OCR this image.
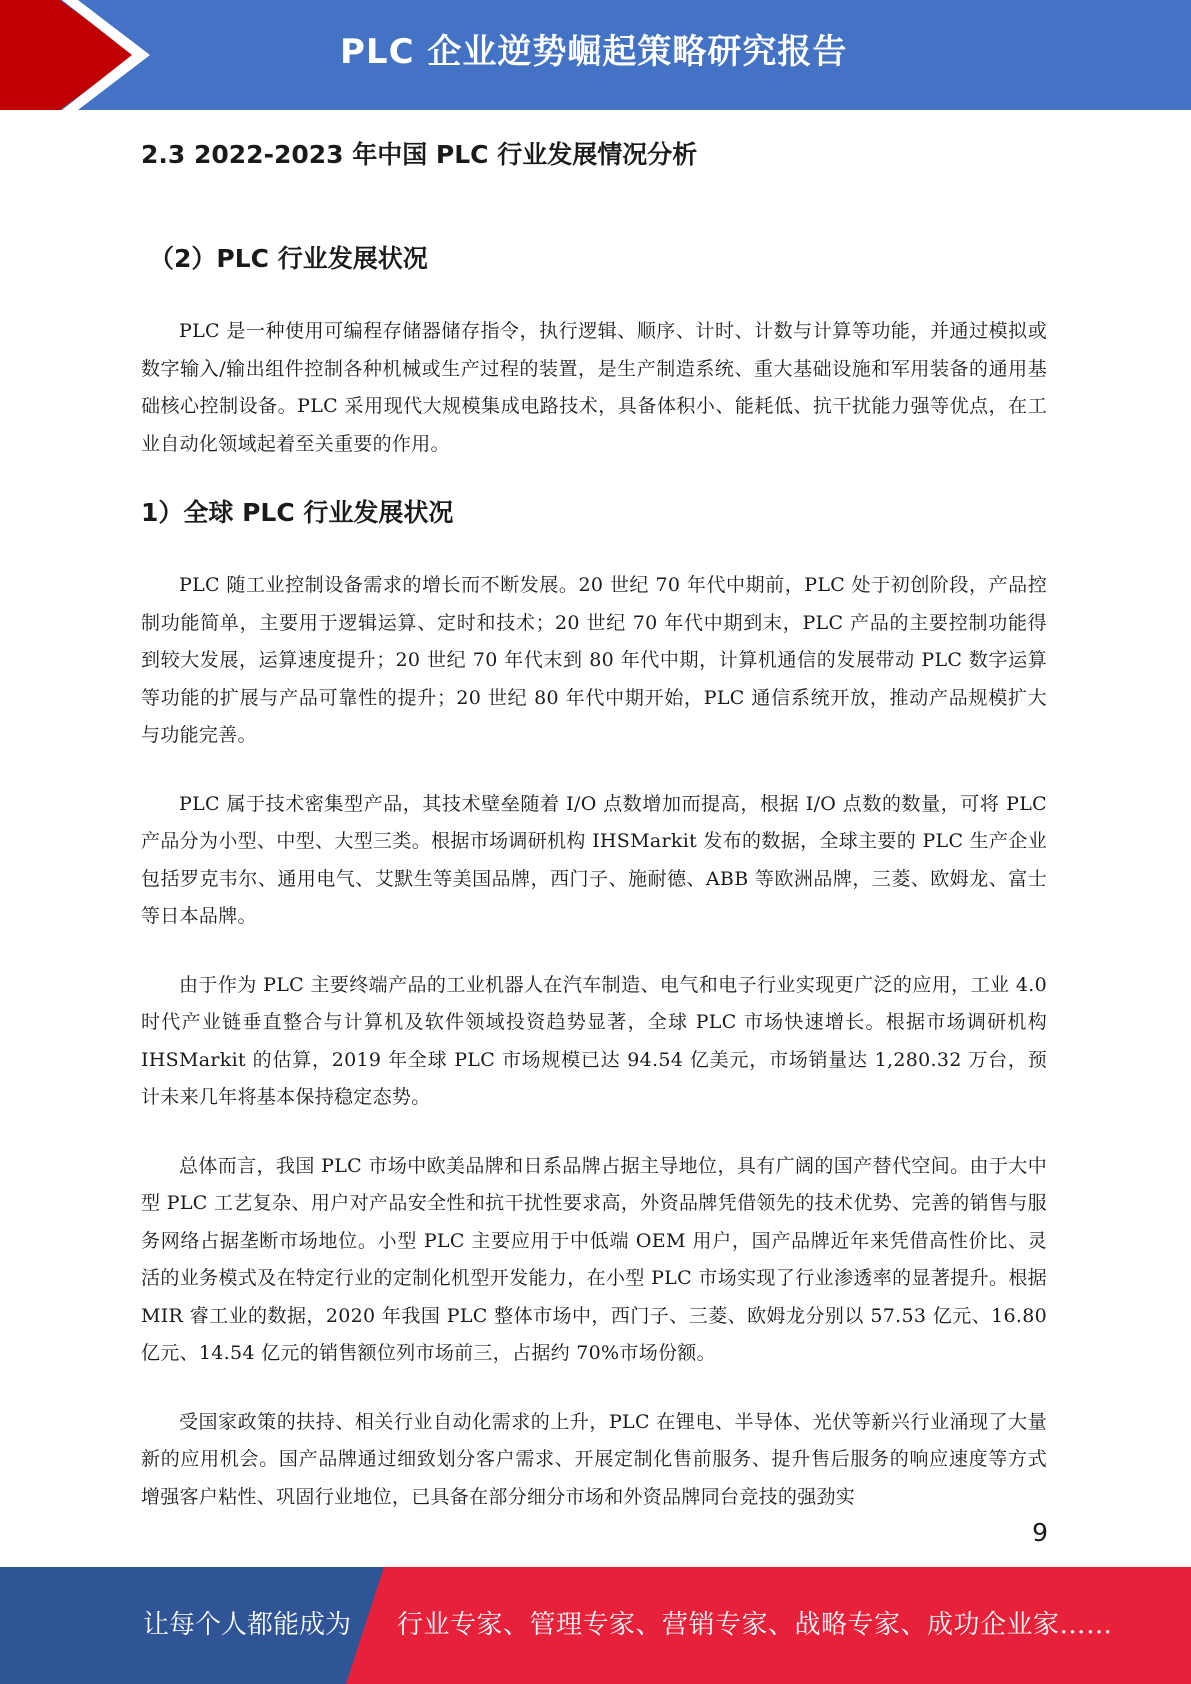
PLC 企业逆势崛起策略研究报告
2.3 2022-2023 年中国 PLC 行业发展情况分析
（2）PLC 行业发展状况

PLC 是一种使用可编程存储器储存指令，执行逻辑、顺序、计时、计数与计算等功能，并通过模拟或数字输入/输出组件控制各种机械或生产过程的装置，是生产制造系统、重大基础设施和军用装备的通用基础核心控制设备。PLC 采用现代大规模集成电路技术，具备体积小、能耗低、抗干扰能力强等优点，在工业自动化领域起着至关重要的作用。

1）全球 PLC 行业发展状况

PLC 随工业控制设备需求的增长而不断发展。20 世纪 70 年代中期前，PLC 处于初创阶段，产品控制功能简单，主要用于逻辑运算、定时和技术；20 世纪 70 年代中期到末，PLC 产品的主要控制功能得到较大发展，运算速度提升；20 世纪 70 年代末到 80 年代中期，计算机通信的发展带动 PLC 数字运算等功能的扩展与产品可靠性的提升；20 世纪 80 年代中期开始，PLC 通信系统开放，推动产品规模扩大与功能完善。

PLC 属于技术密集型产品，其技术壁垒随着 I/O 点数增加而提高，根据 I/O 点数的数量，可将 PLC 产品分为小型、中型、大型三类。根据市场调研机构 IHSMarkit 发布的数据，全球主要的 PLC 生产企业包括罗克韦尔、通用电气、艾默生等美国品牌，西门子、施耐德、ABB 等欧洲品牌，三菱、欧姆龙、富士等日本品牌。

由于作为 PLC 主要终端产品的工业机器人在汽车制造、电气和电子行业实现更广泛的应用，工业 4.0 时代产业链垂直整合与计算机及软件领域投资趋势显著，全球 PLC 市场快速增长。根据市场调研机构 IHSMarkit 的估算，2019 年全球 PLC 市场规模已达 94.54 亿美元，市场销量达 1,280.32 万台，预计未来几年将基本保持稳定态势。

总体而言，我国 PLC 市场中欧美品牌和日系品牌占据主导地位，具有广阔的国产替代空间。由于大中型 PLC 工艺复杂、用户对产品安全性和抗干扰性要求高，外资品牌凭借领先的技术优势、完善的销售与服务网络占据垄断市场地位。小型 PLC 主要应用于中低端 OEM 用户，国产品牌近年来凭借高性价比、灵活的业务模式及在特定行业的定制化机型开发能力，在小型 PLC 市场实现了行业渗透率的显著提升。根据 MIR 睿工业的数据，2020 年我国 PLC 整体市场中，西门子、三菱、欧姆龙分别以 57.53 亿元、16.80 亿元、14.54 亿元的销售额位列市场前三，占据约 70%市场份额。

受国家政策的扶持、相关行业自动化需求的上升，PLC 在锂电、半导体、光伏等新兴行业涌现了大量新的应用机会。国产品牌通过细致划分客户需求、开展定制化售前服务、提升售后服务的响应速度等方式增强客户粘性、巩固行业地位，已具备在部分细分市场和外资品牌同台竞技的强劲实

9
让每个人都能成为 行业专家、管理专家、营销专家、战略专家、成功企业家……
